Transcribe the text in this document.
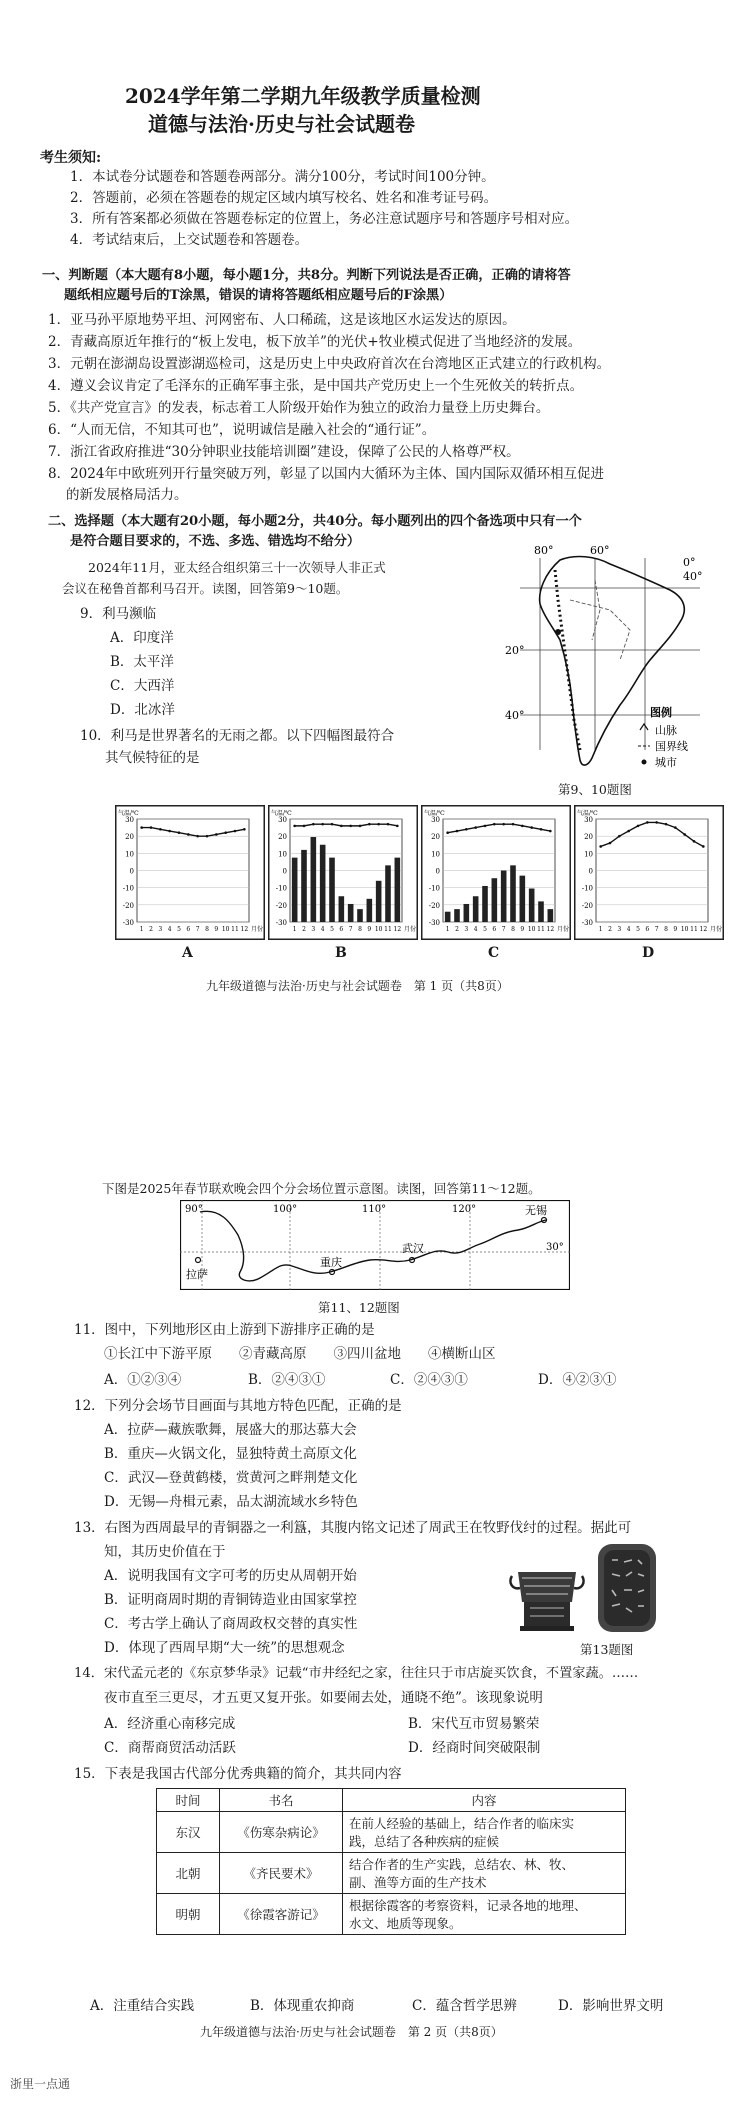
2024学年第二学期九年级教学质量检测
道德与法治·历史与社会试题卷
考生须知:
1．本试卷分试题卷和答题卷两部分。满分100分，考试时间100分钟。
2．答题前，必须在答题卷的规定区域内填写校名、姓名和准考证号码。
3．所有答案都必须做在答题卷标定的位置上，务必注意试题序号和答题序号相对应。
4．考试结束后，上交试题卷和答题卷。
一、判断题（本大题有8小题，每小题1分，共8分。判断下列说法是否正确，正确的请将答
题纸相应题号后的T涂黑，错误的请将答题纸相应题号后的F涂黑）
1．亚马孙平原地势平坦、河网密布、人口稀疏，这是该地区水运发达的原因。
2．青藏高原近年推行的“板上发电，板下放羊”的光伏+牧业模式促进了当地经济的发展。
3．元朝在澎湖岛设置澎湖巡检司，这是历史上中央政府首次在台湾地区正式建立的行政机构。
4．遵义会议肯定了毛泽东的正确军事主张，是中国共产党历史上一个生死攸关的转折点。
5．《共产党宣言》的发表，标志着工人阶级开始作为独立的政治力量登上历史舞台。
6．“人而无信，不知其可也”，说明诚信是融入社会的“通行证”。
7．浙江省政府推进“30分钟职业技能培训圈”建设，保障了公民的人格尊严权。
8．2024年中欧班列开行量突破万列，彰显了以国内大循环为主体、国内国际双循环相互促进
的新发展格局活力。
二、选择题（本大题有20小题，每小题2分，共40分。每小题列出的四个备选项中只有一个
是符合题目要求的，不选、多选、错选均不给分）
2024年11月，亚太经合组织第三十一次领导人非正式
会议在秘鲁首都利马召开。读图，回答第9～10题。
9．利马濒临
A．印度洋
B．太平洋
C．大西洋
D．北冰洋
10．利马是世界著名的无雨之都。以下四幅图最符合
其气候特征的是
80°	60°
0°
40°
20°
40°	图例
山脉
国界线
城市
第9、10题图
-30
-20
-10
0
10
20
30
气温/℃
1 2 3 4 5 6 7 8 9 10 11 12 月份
-30
-20
-10
0
10
20
30
气温/℃
1 2 3 4 5 6 7 8 9 10 11 12 月份
-30
-20
-10
0
10
20
30
气温/℃
1 2 3 4 5 6 7 8 9 10 11 12 月份
-30
-20
-10
0
10
20
30
气温/℃
1 2 3 4 5 6 7 8 9 10 11 12 月份
A	B	C	D
九年级道德与法治·历史与社会试题卷　第 1 页（共8页）
下图是2025年春节联欢晚会四个分会场位置示意图。读图，回答第11～12题。
90°	100°	110°	120°
30°
拉萨
重庆
武汉
无锡
第11、12题图
11．图中，下列地形区由上游到下游排序正确的是
①长江中下游平原　　②青藏高原　　③四川盆地　　④横断山区
A．①②③④	B．②④③①	C．②④③①	D．④②③①
12．下列分会场节目画面与其地方特色匹配，正确的是
A．拉萨—藏族歌舞，展盛大的那达慕大会
B．重庆—火锅文化，显独特黄土高原文化
C．武汉—登黄鹤楼，赏黄河之畔荆楚文化
D．无锡—舟楫元素，品太湖流域水乡特色
13．右图为西周最早的青铜器之一利簋，其腹内铭文记述了周武王在牧野伐纣的过程。据此可
知，其历史价值在于
A．说明我国有文字可考的历史从周朝开始
B．证明商周时期的青铜铸造业由国家掌控
C．考古学上确认了商周政权交替的真实性
D．体现了西周早期“大一统”的思想观念	第13题图
14．宋代孟元老的《东京梦华录》记载“市井经纪之家，往往只于市店旋买饮食，不置家蔬。……
夜市直至三更尽，才五更又复开张。如要闹去处，通晓不绝”。该现象说明
A．经济重心南移完成	B．宋代互市贸易繁荣
C．商帮商贸活动活跃	D．经商时间突破限制
15．下表是我国古代部分优秀典籍的简介，其共同内容
时间	书名	内容
东汉	《伤寒杂病论》	在前人经验的基础上，结合作者的临床实
践，总结了各种疾病的症候

北朝	《齐民要术》	结合作者的生产实践，总结农、林、牧、
副、渔等方面的生产技术

明朝	《徐霞客游记》	根据徐霞客的考察资料，记录各地的地理、
水文、地质等现象。
A．注重结合实践	B．体现重农抑商	C．蕴含哲学思辨	D．影响世界文明
九年级道德与法治·历史与社会试题卷　第 2 页（共8页）
浙里一点通
